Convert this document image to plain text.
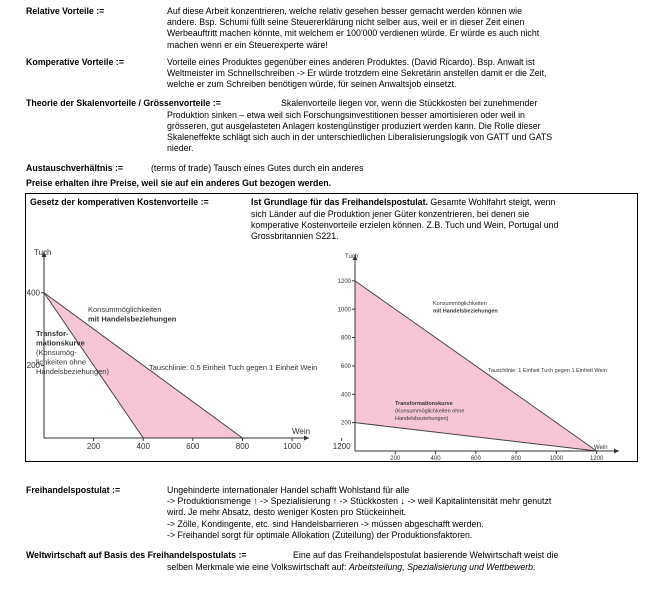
Relative Vorteile :=	Auf diese Arbeit konzentrieren, welche relativ gesehen besser gemacht werden können wie

andere. Bsp. Schumi füllt seine Steuererklärung nicht selber aus, weil er in dieser Zeit einen

Werbeauftritt machen könnte, mit welchem er 100'000 verdienen würde. Er würde es auch nicht

machen wenn er ein Steuerexperte wäre!

Komperative Vorteile :=	Vorteile eines Produktes gegenüber eines anderen Produktes. (David Ricardo). Bsp. Anwalt ist

Weltmeister im Schnellschreiben -> Er würde trotzdem eine Sekretärin anstellen damit er die Zeit,

welche er zum Schreiben benötigen würde, für seinen Anwaltsjob einsetzt.

Theorie der Skalenvorteile / Grössenvorteile :=	Skalenvorteile liegen vor, wenn die Stückkosten bei zunehmender

Produktion sinken – etwa weil sich Forschungsinvestitionen besser amortisieren oder weil in

grösseren, gut ausgelasteten Anlagen kostengünstiger produziert werden kann. Die Rolle dieser

Skaleneffekte schlägt sich auch in der unterschiedlichen Liberalisierungslogik von GATT und GATS

nieder.

Austauschverhältnis :=	(terms of trade) Tausch eines Gutes durch ein anderes
Preise erhalten ihre Preise, weil sie auf ein anderes Gut bezogen werden.
Gesetz der komperativen Kostenvorteile :=	Ist Grundlage für das Freihandelspostulat. Gesamte Wohlfahrt steigt, wenn

sich Länder auf die Produktion jener Güter konzentrieren, bei denen sie

komperative Kostenvorteile erzielen können. Z.B. Tuch und Wein, Portugal und

Grossbritannien S221.

200	400	600	800	1000	1200
200
400
Tuch
Wein
Tauschlinie: 0.5 Einheit Tuch gegen 1 Einheit Wein
Konsummöglichkeiten
mit Handelsbeziehungen
Transfor-
mationskurve
(Konsumög-
lichkeiten ohne
Handelsbeziehungen)
200	400	600	800	1000	1200
200
400
600
800
1000
1200
Tuch
Wein
Tauschlinie: 1 Einheit Tuch gegen 1 Einheit Wein
Konsummöglichkeiten
mit Handelsbeziehungen
Transformationskurve
(Konsummöglichkeiten ohne
Handelsbeziehungen)
Freihandelspostulat :=	Ungehinderte internationaler Handel schafft Wohlstand für alle

-> Produktionsmenge ↑ -> Spezialisierung ↑ -> Stückkosten ↓ -> weil Kapitalintensität mehr genutzt

wird. Je mehr Absatz, desto weniger Kosten pro Stückeinheit.

-> Zölle, Kondingente, etc. sind Handelsbarrieren -> müssen abgeschafft werden.

-> Freihandel sorgt für optimale Allokation (Zuteilung) der Produktionsfaktoren.

Weltwirtschaft auf Basis des Freihandelspostulats :=	Eine auf das Freihandelspostulat basierende Welwirtschaft weist die
selben Merkmale wie eine Volkswirtschaft auf: Arbeitsteilung, Spezialisierung und Wettbewerb.
